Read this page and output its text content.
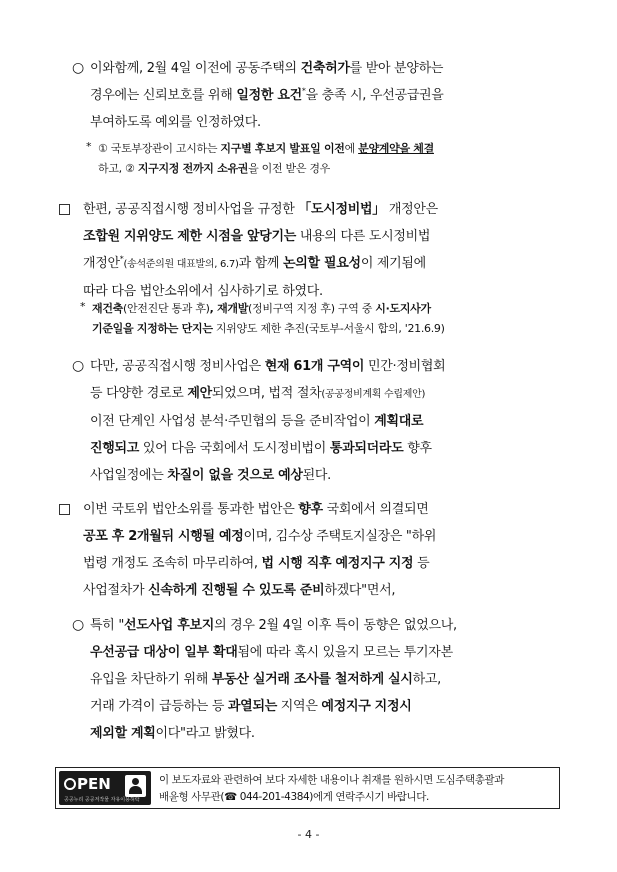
○ 이와함께, 2월 4일 이전에 공동주택의 건축허가를 받아 분양하는
경우에는 신뢰보호를 위해 일정한 요건*을 충족 시, 우선공급권을
부여하도록 예외를 인정하였다.
* ① 국토부장관이 고시하는 지구별 후보지 발표일 이전에 분양계약을 체결
하고, ② 지구지정 전까지 소유권을 이전 받은 경우
한편, 공공직접시행 정비사업을 규정한 「도시정비법」 개정안은
조합원 지위양도 제한 시점을 앞당기는 내용의 다른 도시정비법
개정안*(송석준의원 대표발의, 6.7)과 함께 논의할 필요성이 제기됨에
따라 다음 법안소위에서 심사하기로 하였다.
* 재건축(안전진단 통과 후), 재개발(정비구역 지정 후) 구역 중 시·도지사가
기준일을 지정하는 단지는 지위양도 제한 추진(국토부-서울시 합의, '21.6.9)
○ 다만, 공공직접시행 정비사업은 현재 61개 구역이 민간·정비협회
등 다양한 경로로 제안되었으며, 법적 절차(공공정비계획 수립제안)
이전 단계인 사업성 분석·주민협의 등을 준비작업이 계획대로
진행되고 있어 다음 국회에서 도시정비법이 통과되더라도 향후
사업일정에는 차질이 없을 것으로 예상된다.
이번 국토위 법안소위를 통과한 법안은 향후 국회에서 의결되면
공포 후 2개월뒤 시행될 예정이며, 김수상 주택토지실장은 "하위
법령 개정도 조속히 마무리하여, 법 시행 직후 예정지구 지정 등
사업절차가 신속하게 진행될 수 있도록 준비하겠다"면서,
○ 특히 "선도사업 후보지의 경우 2월 4일 이후 특이 동향은 없었으나,
우선공급 대상이 일부 확대됨에 따라 혹시 있을지 모르는 투기자본
유입을 차단하기 위해 부동산 실거래 조사를 철저하게 실시하고,
거래 가격이 급등하는 등 과열되는 지역은 예정지구 지정시
제외할 계획이다"라고 밝혔다.
PEN
공공누리 공공저작물 자유이용허락
이 보도자료와 관련하여 보다 자세한 내용이나 취재를 원하시면 도심주택총괄과
배윤형 사무관(☎ 044-201-4384)에게 연락주시기 바랍니다.
- 4 -
